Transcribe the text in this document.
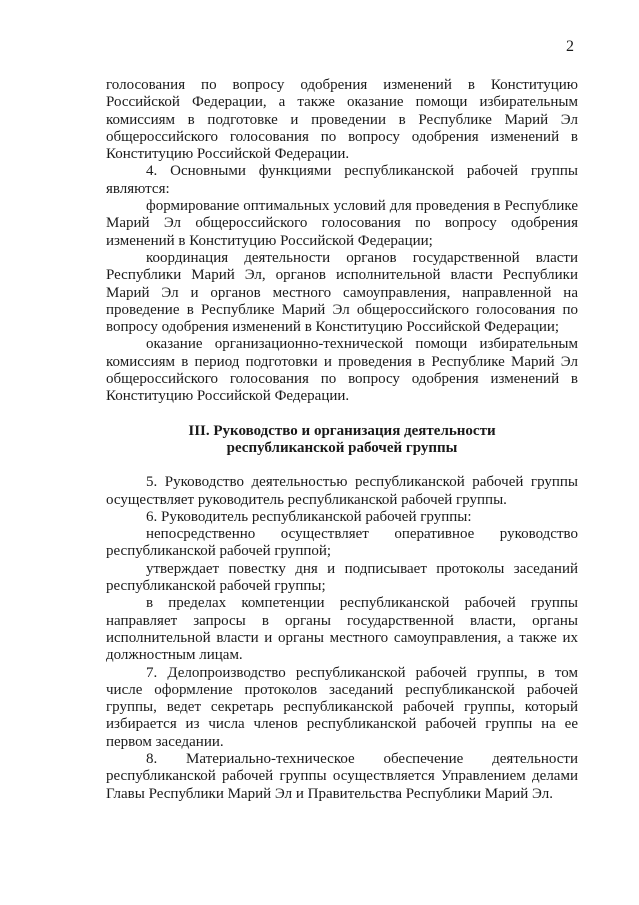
2

голосования по вопросу одобрения изменений в Конституцию Российской Федерации, а также оказание помощи избирательным комиссиям в подготовке и проведении в Республике Марий Эл общероссийского голосования по вопросу одобрения изменений в Конституцию Российской Федерации.

4. Основными функциями республиканской рабочей группы являются:

формирование оптимальных условий для проведения в Республике Марий Эл общероссийского голосования по вопросу одобрения изменений в Конституцию Российской Федерации;

координация деятельности органов государственной власти Республики Марий Эл, органов исполнительной власти Республики Марий Эл и органов местного самоуправления, направленной на проведение в Республике Марий Эл общероссийского голосования по вопросу одобрения изменений в Конституцию Российской Федерации;

оказание организационно-технической помощи избирательным комиссиям в период подготовки и проведения в Республике Марий Эл общероссийского голосования по вопросу одобрения изменений в Конституцию Российской Федерации.

III. Руководство и организация деятельности

республиканской рабочей группы

5. Руководство деятельностью республиканской рабочей группы осуществляет руководитель республиканской рабочей группы.

6. Руководитель республиканской рабочей группы:

непосредственно осуществляет оперативное руководство республиканской рабочей группой;

утверждает повестку дня и подписывает протоколы заседаний республиканской рабочей группы;

в пределах компетенции республиканской рабочей группы направляет запросы в органы государственной власти, органы исполнительной власти и органы местного самоуправления, а также их должностным лицам.

7. Делопроизводство республиканской рабочей группы, в том числе оформление протоколов заседаний республиканской рабочей группы, ведет секретарь республиканской рабочей группы, который избирается из числа членов республиканской рабочей группы на ее первом заседании.

8. Материально-техническое обеспечение деятельности республиканской рабочей группы осуществляется Управлением делами Главы Республики Марий Эл и Правительства Республики Марий Эл.
